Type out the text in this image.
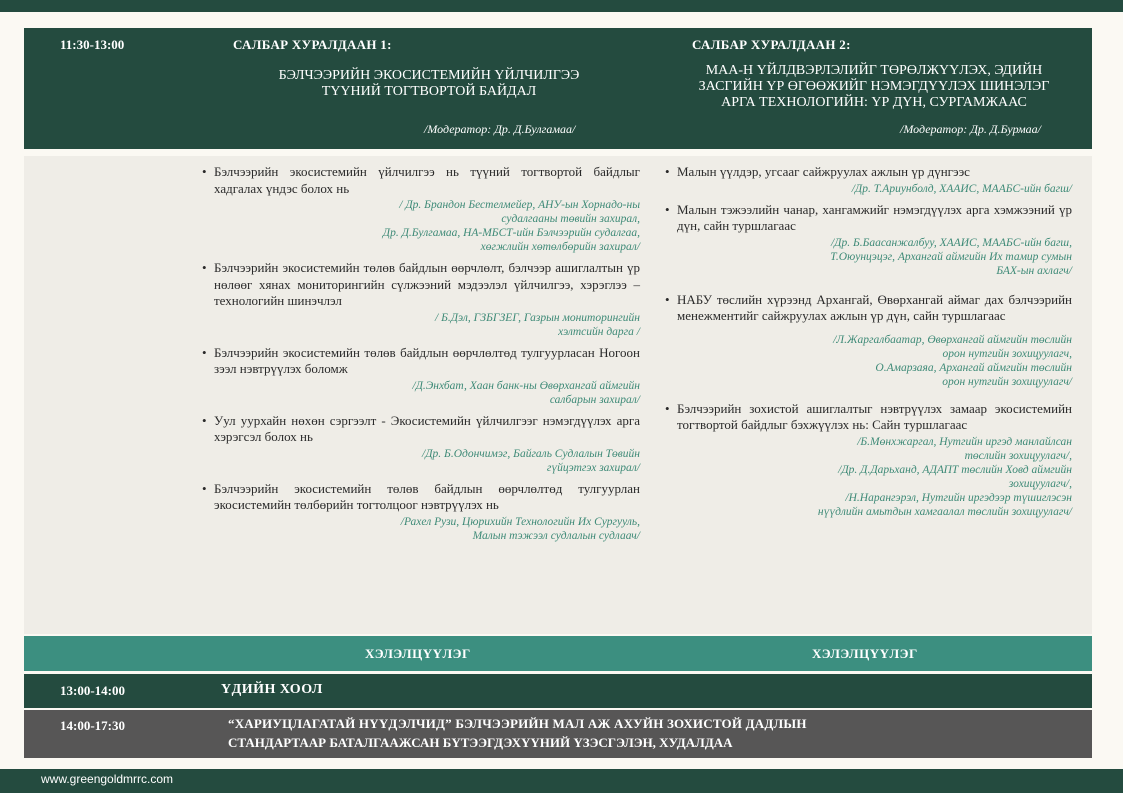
11:30-13:00	САЛБАР ХУРАЛДААН 1:
БЭЛЧЭЭРИЙН ЭКОСИСТЕМИЙН ҮЙЛЧИЛГЭЭ
ТҮҮНИЙ ТОГТВОРТОЙ БАЙДАЛ
/Модератор: Др. Д.Булгамаа/
САЛБАР ХУРАЛДААН 2:
МАА-Н ҮЙЛДВЭРЛЭЛИЙГ ТӨРӨЛЖҮҮЛЭХ, ЭДИЙН
ЗАСГИЙН ҮР ӨГӨӨЖИЙГ НЭМЭГДҮҮЛЭХ ШИНЭЛЭГ
АРГА ТЕХНОЛОГИЙН: ҮР ДҮН, СУРГАМЖААС
/Модератор: Др. Д.Бурмаа/
• Бэлчээрийн экосистемийн үйлчилгээ нь түүний тогтвортой байдлыг хадгалах үндэс болох нь
/ Др. Брандон Бестелмейер, АНУ-ын Хорнадо-ны
судалгааны төвийн захирал,
Др. Д.Булгамаа, НА-МБСТ-ийн Бэлчээрийн судалгаа,
хөгжлийн хөтөлбөрийн захирал/
• Бэлчээрийн экосистемийн төлөв байдлын өөрчлөлт, бэлчээр ашиглалтын үр нөлөөг хянах мониторингийн сүлжээний мэдээлэл үйлчилгээ, хэрэглээ – технологийн шинэчлэл
/ Б.Дэл, ГЗБГЗЕГ, Газрын мониторингийн
хэлтсийн дарга /
• Бэлчээрийн экосистемийн төлөв байдлын өөрчлөлтөд тулгуурласан Ногоон зээл нэвтрүүлэх боломж
/Д.Энхбат, Хаан банк-ны Өвөрхангай аймгийн
салбарын захирал/
• Уул уурхайн нөхөн сэргээлт - Экосистемийн үйлчилгээг нэмэгдүүлэх арга хэрэгсэл болох нь
/Др. Б.Одончимэг, Байгаль Судлалын Төвийн
гүйцэтгэх захирал/
• Бэлчээрийн экосистемийн төлөв байдлын өөрчлөлтөд тулгуурлан экосистемийн төлбөрийн тогтолцоог нэвтрүүлэх нь
/Рахел Рузи, Цюрихийн Технологийн Их Сургууль,
Малын тэжээл судлалын судлаач/
• Малын үүлдэр, угсааг сайжруулах ажлын үр дүнгээс
/Др. Т.Ариунболд, ХААИС, МААБС-ийн багш/
• Малын тэжээлийн чанар, хангамжийг нэмэгдүүлэх арга хэмжээний үр дүн, сайн туршлагаас
/Др. Б.Баасанжалбуу, ХААИС, МААБС-ийн багш,
Т.Оюунцэцэг, Архангай аймгийн Их тамир сумын
БАХ-ын ахлагч/
• НАБУ төслийн хүрээнд Архангай, Өвөрхангай аймаг дах бэлчээрийн менежментийг сайжруулах ажлын үр дүн, сайн туршлагаас
/Л.Жаргалбаатар, Өвөрхангай аймгийн төслийн
орон нутгийн зохицуулагч,
О.Амарзаяа, Архангай аймгийн төслийн
орон нутгийн зохицуулагч/
• Бэлчээрийн зохистой ашиглалтыг нэвтрүүлэх замаар экосистемийн тогтвортой байдлыг бэхжүүлэх нь: Сайн туршлагаас
/Б.Мөнхжаргал, Нутгийн иргэд манлайлсан
төслийн зохицуулагч/,
/Др. Д.Дарьханд, АДАПТ төслийн Ховд аймгийн
зохицуулагч/,
/Н.Нарангэрэл, Нутгийн иргэдээр түшиглэсэн
нүүдлийн амьтдын хамгаалал төслийн зохицуулагч/
ХЭЛЭЛЦҮҮЛЭГ	ХЭЛЭЛЦҮҮЛЭГ
13:00-14:00	ҮДИЙН ХООЛ
14:00-17:30	“ХАРИУЦЛАГАТАЙ НҮҮДЭЛЧИД” БЭЛЧЭЭРИЙН МАЛ АЖ АХУЙН ЗОХИСТОЙ ДАДЛЫН
СТАНДАРТААР БАТАЛГААЖСАН БҮТЭЭГДЭХҮҮНИЙ ҮЗЭСГЭЛЭН, ХУДАЛДАА
www.greengoldmrrc.com
